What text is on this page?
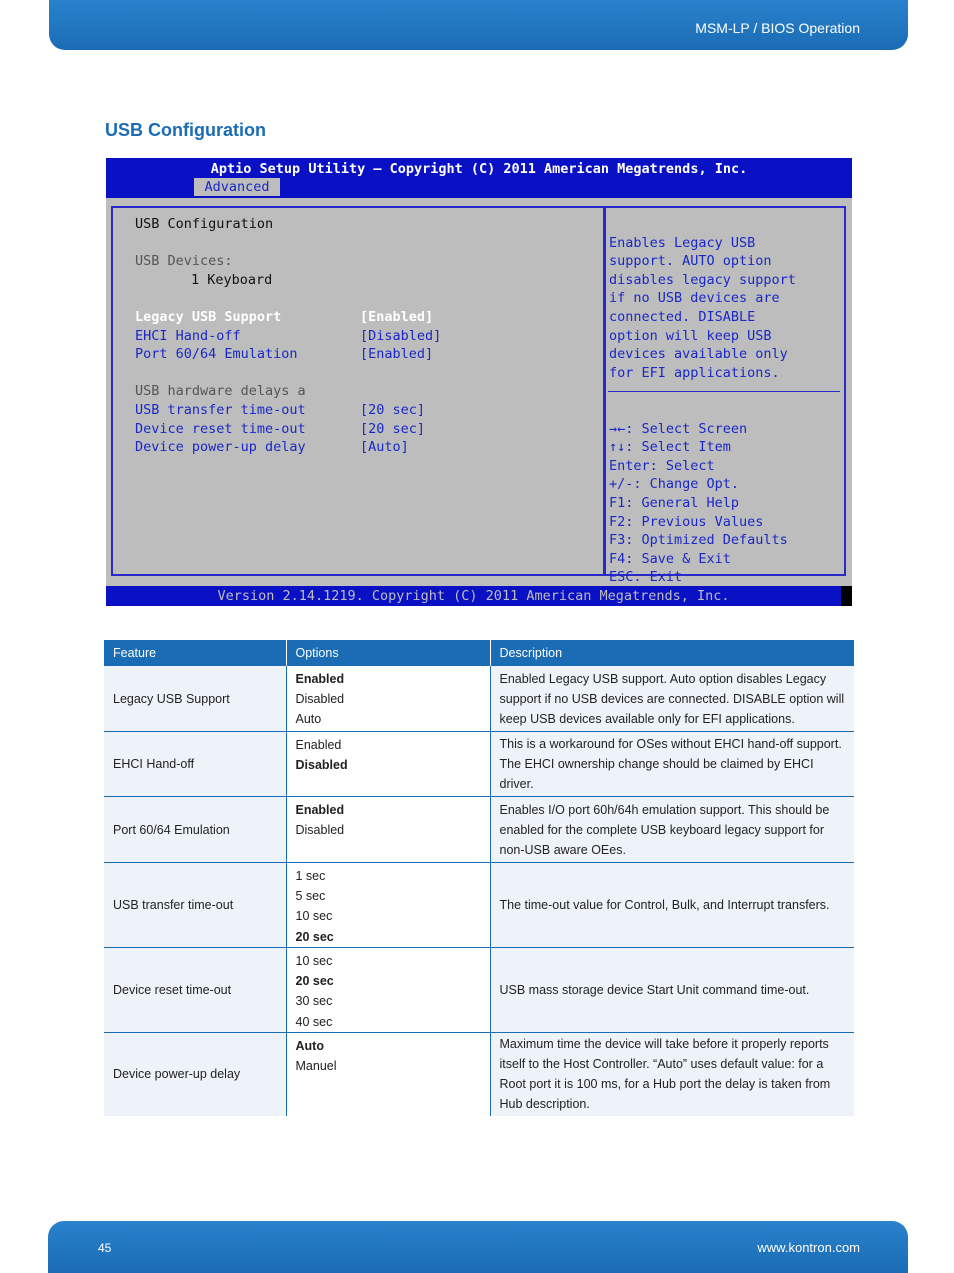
MSM-LP / BIOS Operation
USB Configuration
Aptio Setup Utility – Copyright (C) 2011 American Megatrends, Inc.
Advanced
USB Configuration
USB Devices:
1 Keyboard
Legacy USB Support	[Enabled]
EHCI Hand-off	[Disabled]
Port 60/64 Emulation	[Enabled]
USB hardware delays a
USB transfer time-out	[20 sec]
Device reset time-out	[20 sec]
Device power-up delay	[Auto]

Enables Legacy USB
support. AUTO option
disables legacy support
if no USB devices are
connected. DISABLE
option will keep USB
devices available only
for EFI applications.

→←: Select Screen
↑↓: Select Item
Enter: Select
+/-: Change Opt.
F1: General Help
F2: Previous Values
F3: Optimized Defaults
F4: Save & Exit
ESC: Exit
Version 2.14.1219. Copyright (C) 2011 American Megatrends, Inc.
Feature	Options	Description
Legacy USB Support	Enabled
Disabled
Auto	Enabled Legacy USB support. Auto option disables Legacy support if no USB devices are connected. DISABLE option will keep USB devices available only for EFI applications.
EHCI Hand-off	Enabled
Disabled	This is a workaround for OSes without EHCI hand-off support. The EHCI ownership change should be claimed by EHCI driver.
Port 60/64 Emulation	Enabled
Disabled	Enables I/O port 60h/64h emulation support. This should be enabled for the complete USB keyboard legacy support for non-USB aware OEes.
USB transfer time-out	1 sec
5 sec
10 sec
20 sec	The time-out value for Control, Bulk, and Interrupt transfers.
Device reset time-out	10 sec
20 sec
30 sec
40 sec	USB mass storage device Start Unit command time-out.
Device power-up delay	Auto
Manuel	Maximum time the device will take before it properly reports itself to the Host Controller. “Auto” uses default value: for a Root port it is 100 ms, for a Hub port the delay is taken from Hub description.
45	www.kontron.com
